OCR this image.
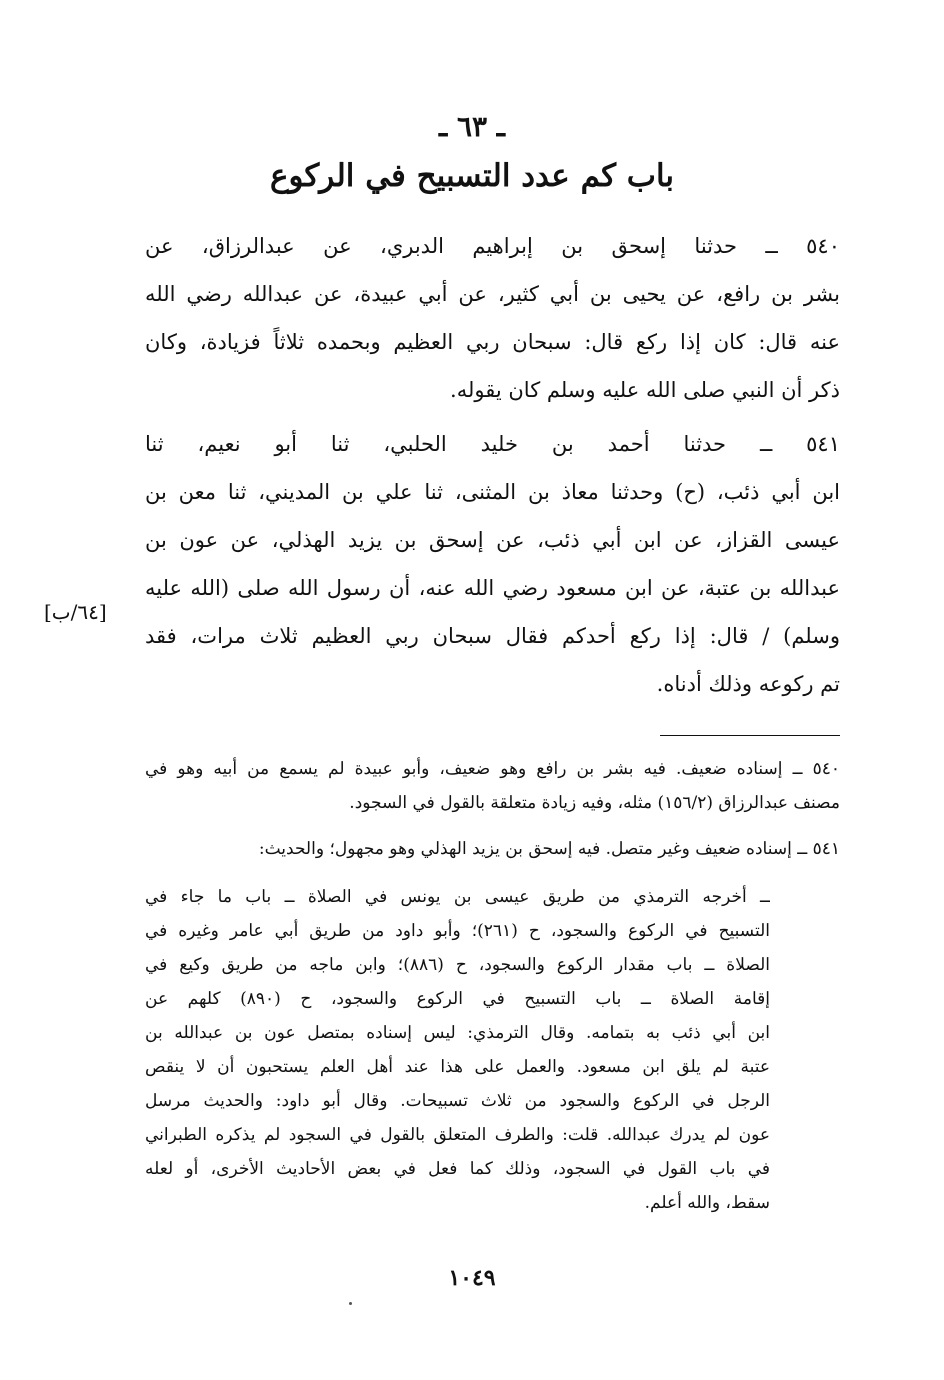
ـ ٦٣ ـ
باب كم عدد التسبيح في الركوع
٥٤٠ ــ حدثنا إسحق بن إبراهيم الدبري، عن عبدالرزاق، عن
بشر بن رافع، عن يحيى بن أبي كثير، عن أبي عبيدة، عن عبدالله رضي الله
عنه قال: كان إذا ركع قال: سبحان ربي العظيم وبحمده ثلاثاً فزيادة، وكان
ذكر أن النبي صلى الله عليه وسلم كان يقوله.
٥٤١ ــ حدثنا أحمد بن خليد الحلبي، ثنا أبو نعيم، ثنا
ابن أبي ذئب، (ح) وحدثنا معاذ بن المثنى، ثنا علي بن المديني، ثنا معن بن
عيسى القزاز، عن ابن أبي ذئب، عن إسحق بن يزيد الهذلي، عن عون بن
عبدالله بن عتبة، عن ابن مسعود رضي الله عنه، أن رسول الله صلى (الله عليه
وسلم) / قال: إذا ركع أحدكم فقال سبحان ربي العظيم ثلاث مرات، فقد
تم ركوعه وذلك أدناه.
[٦٤/ب]
٥٤٠ ــ إسناده ضعيف. فيه بشر بن رافع وهو ضعيف، وأبو عبيدة لم يسمع من أبيه وهو في
مصنف عبدالرزاق (١٥٦/٢) مثله، وفيه زيادة متعلقة بالقول في السجود.
٥٤١ ــ إسناده ضعيف وغير متصل. فيه إسحق بن يزيد الهذلي وهو مجهول؛ والحديث:
ــ أخرجه الترمذي من طريق عيسى بن يونس في الصلاة ــ باب ما جاء في
التسبيح في الركوع والسجود، ح (٢٦١)؛ وأبو داود من طريق أبي عامر وغيره في
الصلاة ــ باب مقدار الركوع والسجود، ح (٨٨٦)؛ وابن ماجه من طريق وكيع في
إقامة الصلاة ــ باب التسبيح في الركوع والسجود، ح (٨٩٠) كلهم عن
ابن أبي ذئب به بتمامه. وقال الترمذي: ليس إسناده بمتصل عون بن عبدالله بن
عتبة لم يلق ابن مسعود. والعمل على هذا عند أهل العلم يستحبون أن لا ينقص
الرجل في الركوع والسجود من ثلاث تسبيحات. وقال أبو داود: والحديث مرسل
عون لم يدرك عبدالله. قلت: والطرف المتعلق بالقول في السجود لم يذكره الطبراني
في باب القول في السجود، وذلك كما فعل في بعض الأحاديث الأخرى، أو لعله
سقط، والله أعلم.
١٠٤٩
